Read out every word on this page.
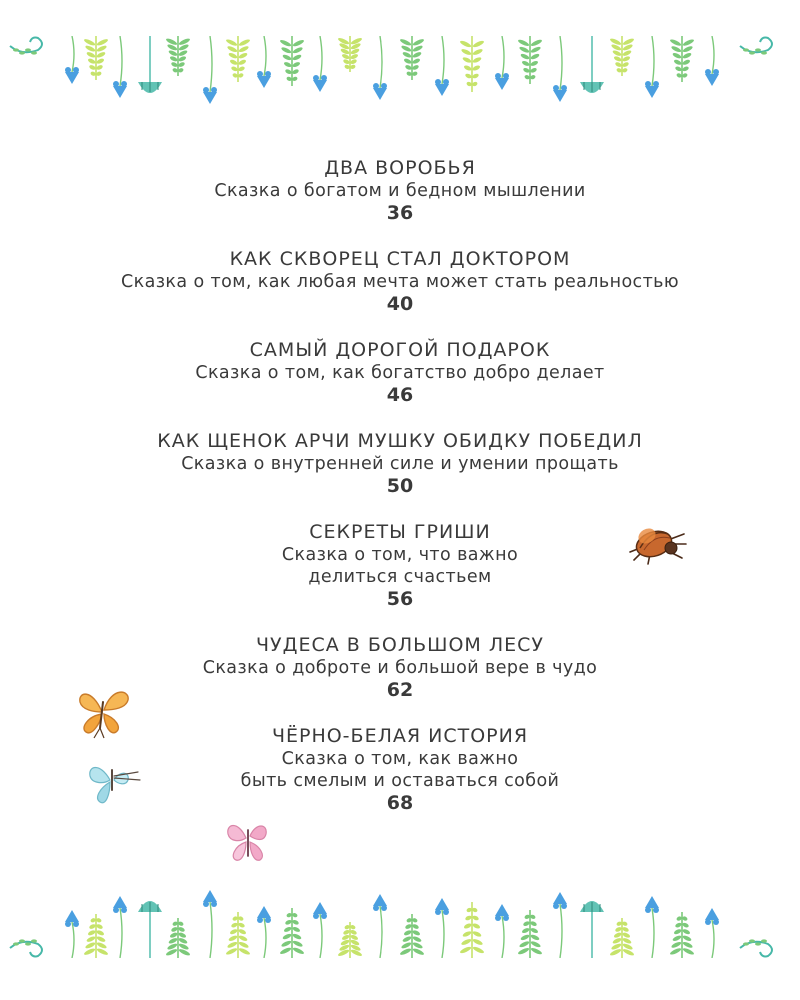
ДВА ВОРОБЬЯ
Сказка о богатом и бедном мышлении
36
КАК СКВОРЕЦ СТАЛ ДОКТОРОМ
Сказка о том, как любая мечта может стать реальностью
40
САМЫЙ ДОРОГОЙ ПОДАРОК
Сказка о том, как богатство добро делает
46
КАК ЩЕНОК АРЧИ МУШКУ ОБИДКУ ПОБЕДИЛ
Сказка о внутренней силе и умении прощать
50
СЕКРЕТЫ ГРИШИ
Сказка о том, что важно
делиться счастьем
56
ЧУДЕСА В БОЛЬШОМ ЛЕСУ
Сказка о доброте и большой вере в чудо
62
ЧЁРНО-БЕЛАЯ ИСТОРИЯ
Сказка о том, как важно
быть смелым и оставаться собой
68
